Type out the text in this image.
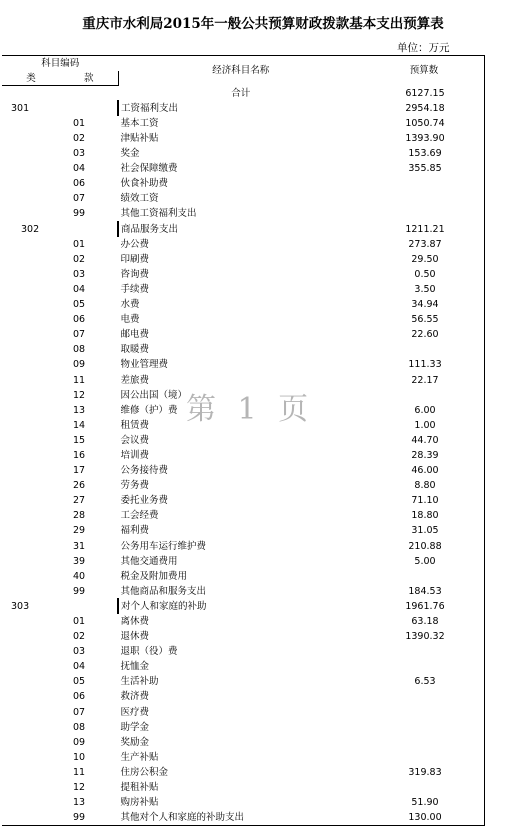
重庆市水利局2015年一般公共预算财政拨款基本支出预算表
单位：万元
科目编码		经济科目名称	预算数
类	款		
		合计	6127.15
301		工资福利支出	2954.18
	01	基本工资	1050.74
	02	津贴补贴	1393.90
	03	奖金	153.69
	04	社会保障缴费	355.85
	06	伙食补助费	
	07	绩效工资	
	99	其他工资福利支出	
302		商品服务支出	1211.21
	01	办公费	273.87
	02	印刷费	29.50
	03	咨询费	0.50
	04	手续费	3.50
	05	水费	34.94
	06	电费	56.55
	07	邮电费	22.60
	08	取暖费	
	09	物业管理费	111.33
	11	差旅费	22.17
	12	因公出国（境）	
	13	维修（护）费	6.00
	14	租赁费	1.00
	15	会议费	44.70
	16	培训费	28.39
	17	公务接待费	46.00
	26	劳务费	8.80
	27	委托业务费	71.10
	28	工会经费	18.80
	29	福利费	31.05
	31	公务用车运行维护费	210.88
	39	其他交通费用	5.00
	40	税金及附加费用	
	99	其他商品和服务支出	184.53
303		对个人和家庭的补助	1961.76
	01	离休费	63.18
	02	退休费	1390.32
	03	退职（役）费	
	04	抚恤金	
	05	生活补助	6.53
	06	救济费	
	07	医疗费	
	08	助学金	
	09	奖励金	
	10	生产补贴	
	11	住房公积金	319.83
	12	提租补贴	
	13	购房补贴	51.90
	99	其他对个人和家庭的补助支出	130.00
第 1 页
